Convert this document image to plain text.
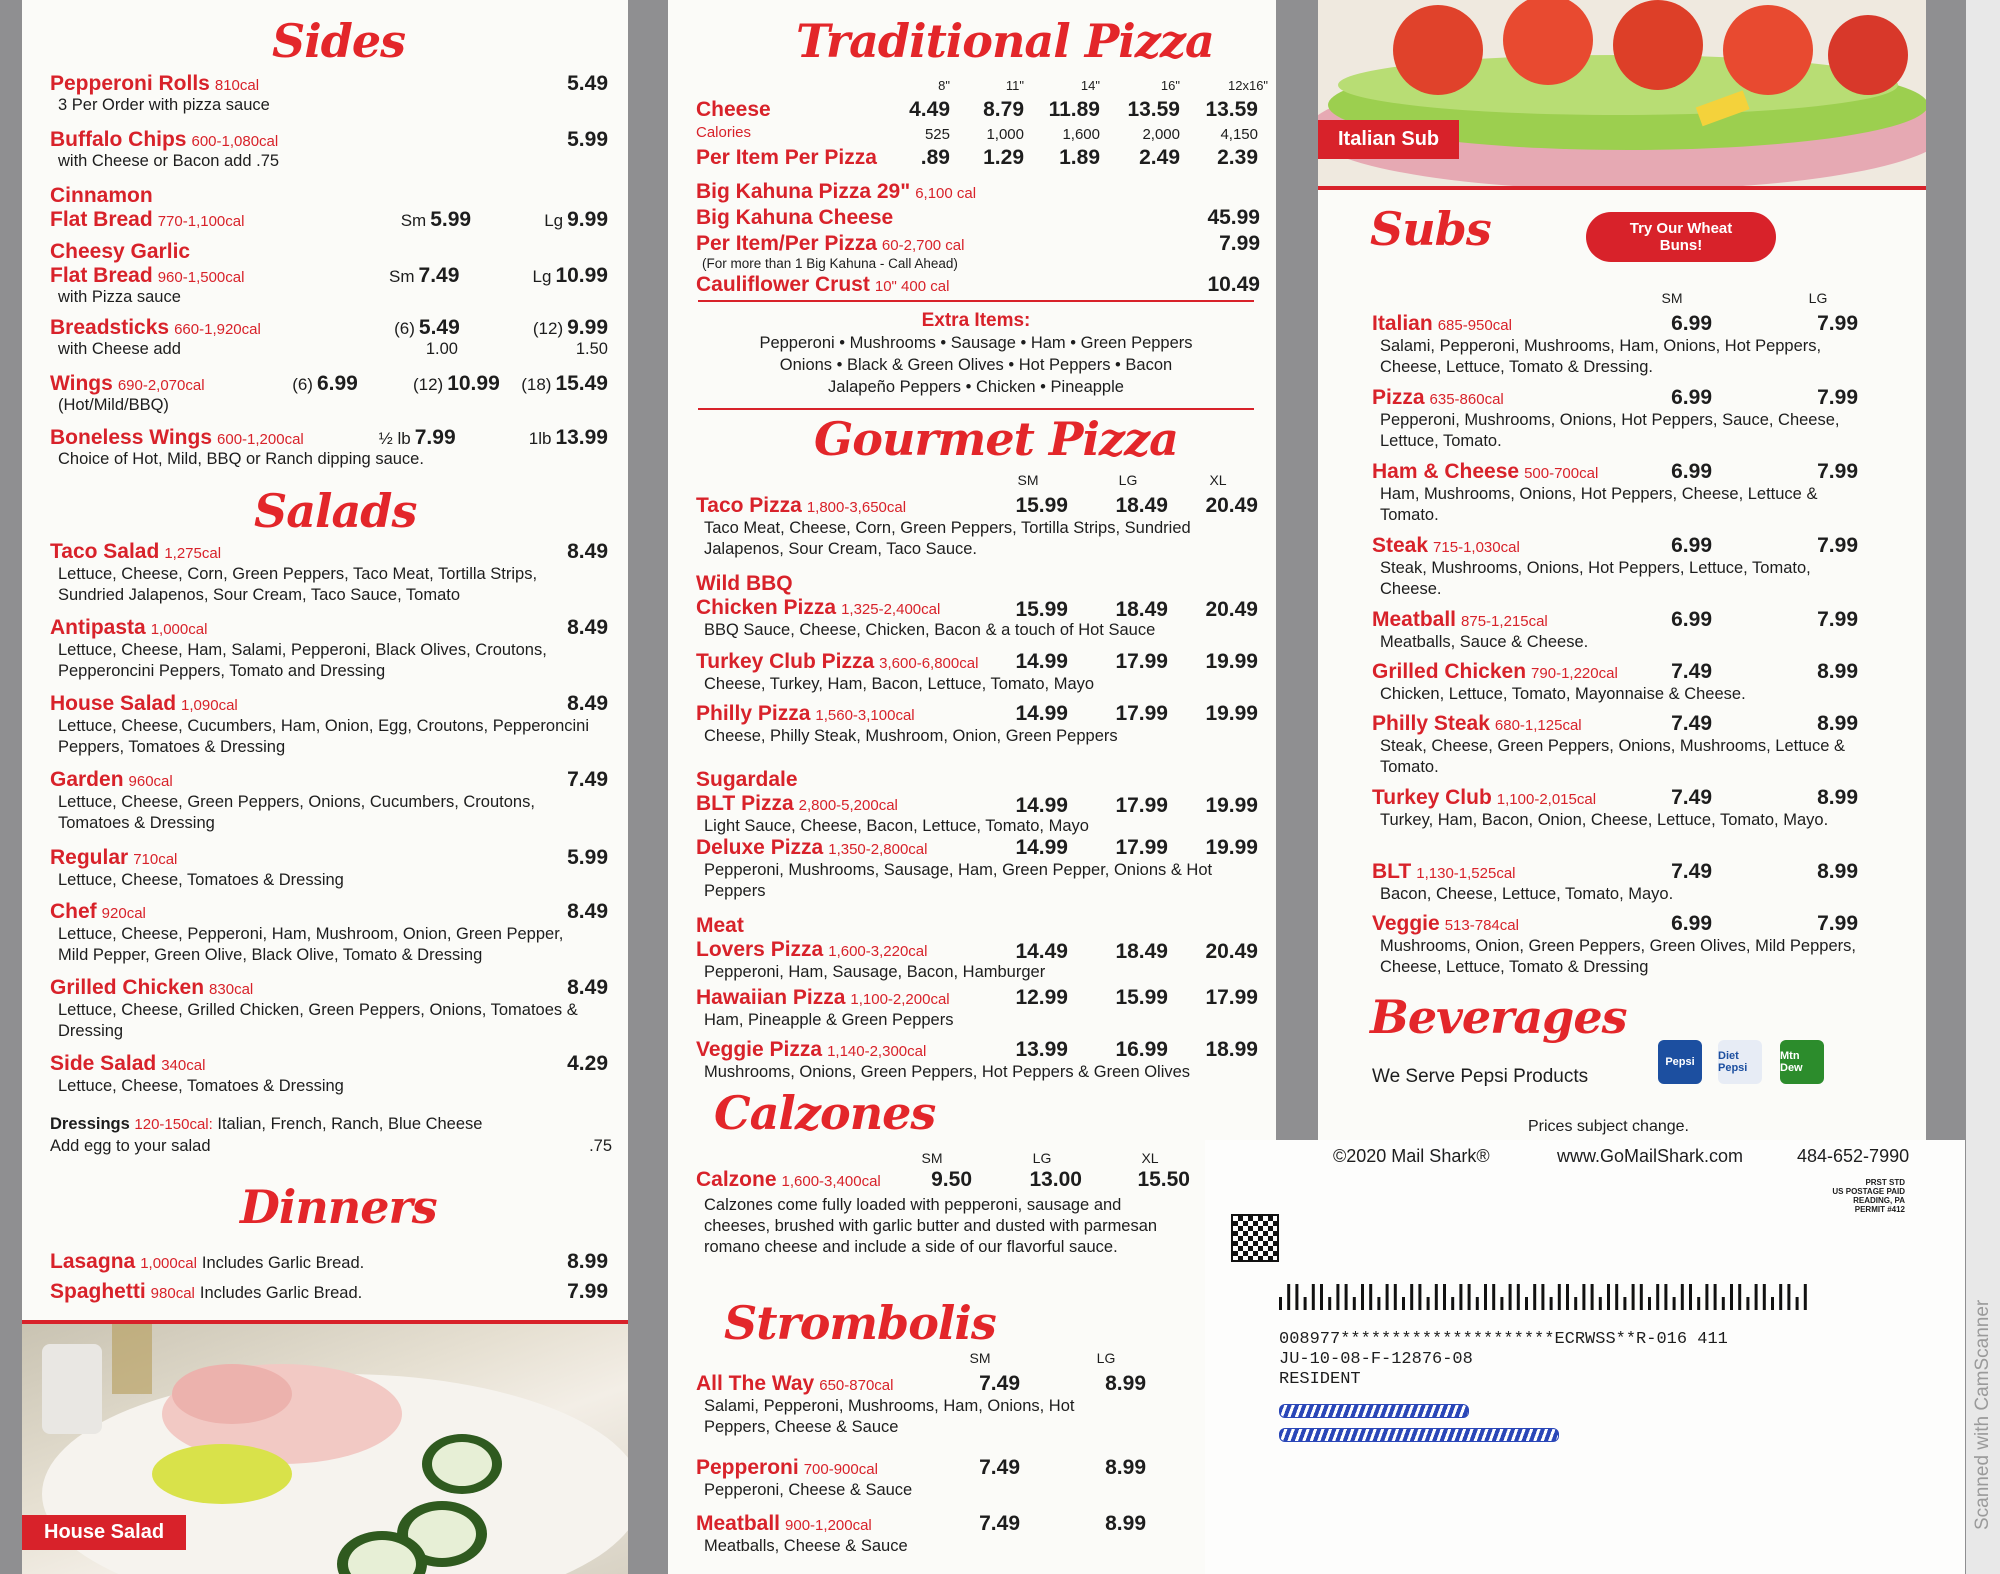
Sides
Pepperoni Rolls 810cal	5.49
3 Per Order with pizza sauce
Buffalo Chips 600-1,080cal	5.99
with Cheese or Bacon add .75
Cinnamon
Flat Bread 770-1,100cal	Sm 5.99	Lg 9.99
Cheesy Garlic
Flat Bread 960-1,500cal	Sm 7.49	Lg 10.99
with Pizza sauce
Breadsticks 660-1,920cal	(6) 5.49	(12) 9.99
with Cheese add	1.00	1.50
Wings 690-2,070cal	(6) 6.99	(12) 10.99	(18) 15.49
(Hot/Mild/BBQ)
Boneless Wings 600-1,200cal	½ lb 7.99	1lb 13.99
Choice of Hot, Mild, BBQ or Ranch dipping sauce.
Salads
Taco Salad 1,275cal	8.49
Lettuce, Cheese, Corn, Green Peppers, Taco Meat, Tortilla Strips, Sundried Jalapenos, Sour Cream, Taco Sauce, Tomato
Antipasta 1,000cal	8.49
Lettuce, Cheese, Ham, Salami, Pepperoni, Black Olives, Croutons, Pepperoncini Peppers, Tomato and Dressing
House Salad 1,090cal	8.49
Lettuce, Cheese, Cucumbers, Ham, Onion, Egg, Croutons, Pepperoncini Peppers, Tomatoes & Dressing
Garden 960cal	7.49
Lettuce, Cheese, Green Peppers, Onions, Cucumbers, Croutons, Tomatoes & Dressing
Regular 710cal	5.99
Lettuce, Cheese, Tomatoes & Dressing
Chef 920cal	8.49
Lettuce, Cheese, Pepperoni, Ham, Mushroom, Onion, Green Pepper, Mild Pepper, Green Olive, Black Olive, Tomato & Dressing
Grilled Chicken 830cal	8.49
Lettuce, Cheese, Grilled Chicken, Green Peppers, Onions, Tomatoes & Dressing
Side Salad 340cal	4.29
Lettuce, Cheese, Tomatoes & Dressing
Dressings 120-150cal: Italian, French, Ranch, Blue Cheese
Add egg to your salad	.75
Dinners
Lasagna 1,000cal Includes Garlic Bread.	8.99
Spaghetti 980cal Includes Garlic Bread.	7.99
House Salad
Traditional Pizza
8"	11"	14"	16"	12x16"
Cheese	4.49	8.79	11.89	13.59	13.59
Calories	525	1,000	1,600	2,000	4,150
Per Item Per Pizza	.89	1.29	1.89	2.49	2.39
Big Kahuna Pizza 29" 6,100 cal
Big Kahuna Cheese	45.99
Per Item/Per Pizza 60-2,700 cal	7.99
(For more than 1 Big Kahuna - Call Ahead)
Cauliflower Crust 10" 400 cal	10.49
Extra Items:
Pepperoni • Mushrooms • Sausage • Ham • Green Peppers
Onions • Black & Green Olives • Hot Peppers • Bacon
Jalapeño Peppers • Chicken • Pineapple
Gourmet Pizza
SM	LG	XL
Taco Pizza 1,800-3,650cal
Taco Meat, Cheese, Corn, Green Peppers, Tortilla Strips, Sundried Jalapenos, Sour Cream, Taco Sauce.
15.99	18.49	20.49
Wild BBQ
Chicken Pizza 1,325-2,400cal
BBQ Sauce, Cheese, Chicken, Bacon & a touch of Hot Sauce
15.99	18.49	20.49
Turkey Club Pizza 3,600-6,800cal
Cheese, Turkey, Ham, Bacon, Lettuce, Tomato, Mayo
14.99	17.99	19.99
Philly Pizza 1,560-3,100cal
Cheese, Philly Steak, Mushroom, Onion, Green Peppers
14.99	17.99	19.99
Sugardale
BLT Pizza 2,800-5,200cal
Light Sauce, Cheese, Bacon, Lettuce, Tomato, Mayo
14.99	17.99	19.99
Deluxe Pizza 1,350-2,800cal
Pepperoni, Mushrooms, Sausage, Ham, Green Pepper, Onions & Hot Peppers
14.99	17.99	19.99
Meat
Lovers Pizza 1,600-3,220cal
Pepperoni, Ham, Sausage, Bacon, Hamburger
14.49	18.49	20.49
Hawaiian Pizza 1,100-2,200cal
Ham, Pineapple & Green Peppers
12.99	15.99	17.99
Veggie Pizza 1,140-2,300cal
Mushrooms, Onions, Green Peppers, Hot Peppers & Green Olives
13.99	16.99	18.99
Calzones
SM	LG	XL
Calzone 1,600-3,400cal
Calzones come fully loaded with pepperoni, sausage and cheeses, brushed with garlic butter and dusted with parmesan romano cheese and include a side of our flavorful sauce.
9.50	13.00	15.50
Strombolis
SM	LG
All The Way 650-870cal
Salami, Pepperoni, Mushrooms, Ham, Onions, Hot Peppers, Cheese & Sauce
7.49	8.99
Pepperoni 700-900cal
Pepperoni, Cheese & Sauce
7.49	8.99
Meatball 900-1,200cal
Meatballs, Cheese & Sauce
7.49	8.99
Italian Sub
Subs	Try Our Wheat Buns!
SM	LG
Italian 685-950cal
Salami, Pepperoni, Mushrooms, Ham, Onions, Hot Peppers, Cheese, Lettuce, Tomato & Dressing.
6.99	7.99
Pizza 635-860cal
Pepperoni, Mushrooms, Onions, Hot Peppers, Sauce, Cheese, Lettuce, Tomato.
6.99	7.99
Ham & Cheese 500-700cal
Ham, Mushrooms, Onions, Hot Peppers, Cheese, Lettuce & Tomato.
6.99	7.99
Steak 715-1,030cal
Steak, Mushrooms, Onions, Hot Peppers, Lettuce, Tomato, Cheese.
6.99	7.99
Meatball 875-1,215cal
Meatballs, Sauce & Cheese.
6.99	7.99
Grilled Chicken 790-1,220cal
Chicken, Lettuce, Tomato, Mayonnaise & Cheese.
7.49	8.99
Philly Steak 680-1,125cal
Steak, Cheese, Green Peppers, Onions, Mushrooms, Lettuce & Tomato.
7.49	8.99
Turkey Club 1,100-2,015cal
Turkey, Ham, Bacon, Onion, Cheese, Lettuce, Tomato, Mayo.
7.49	8.99
BLT 1,130-1,525cal
Bacon, Cheese, Lettuce, Tomato, Mayo.
7.49	8.99
Veggie 513-784cal
Mushrooms, Onion, Green Peppers, Green Olives, Mild Peppers, Cheese, Lettuce, Tomato & Dressing
6.99	7.99
Beverages
We Serve Pepsi Products
Pepsi	Diet Pepsi
Mtn Dew
Prices subject change.
©2020 Mail Shark®	www.GoMailShark.com	484-652-7990
PRST STD
US POSTAGE PAID
READING, PA
PERMIT #412
008977*********************ECRWSS**R-016 411
JU-10-08-F-12876-08
RESIDENT	Scanned with CamScanner
